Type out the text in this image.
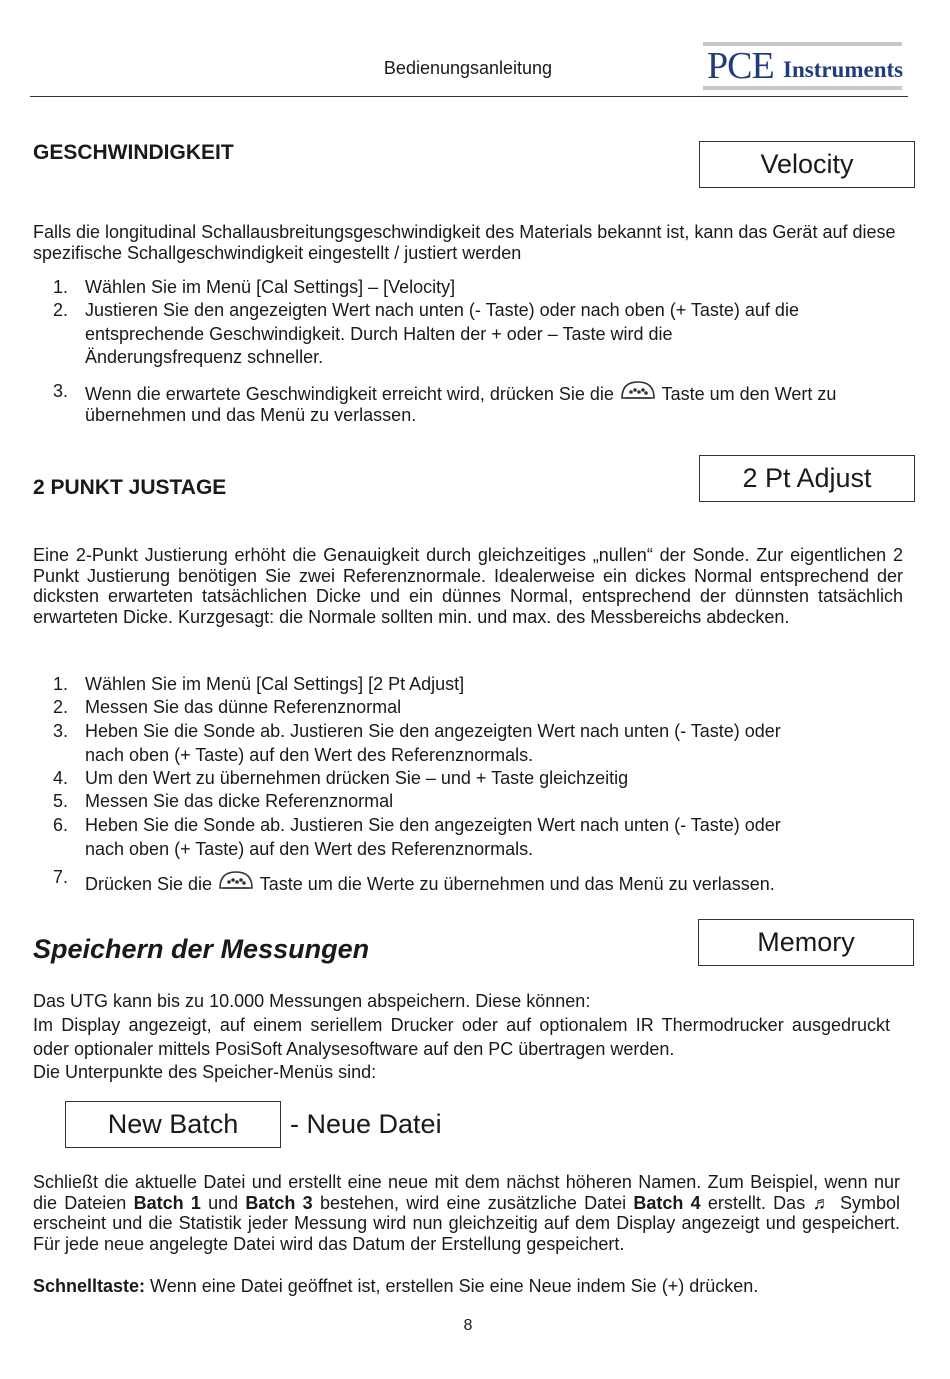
Bedienungsanleitung	PCE Instruments
GESCHWINDIGKEIT	Velocity

Falls die longitudinal Schallausbreitungsgeschwindigkeit des Materials bekannt ist, kann das Gerät auf diese spezifische Schallgeschwindigkeit eingestellt / justiert werden

1. Wählen Sie im Menü [Cal Settings] – [Velocity]
2. Justieren Sie den angezeigten Wert nach unten (- Taste) oder nach oben (+ Taste) auf die
entsprechende Geschwindigkeit. Durch Halten der + oder – Taste wird die
Änderungsfrequenz schneller.
3. Wenn die erwartete Geschwindigkeit erreicht wird, drücken Sie die	Taste um den Wert zu
übernehmen und das Menü zu verlassen.
2 PUNKT JUSTAGE	2 Pt Adjust

Eine 2-Punkt Justierung erhöht die Genauigkeit durch gleichzeitiges „nullen“ der Sonde. Zur eigentlichen 2 Punkt Justierung benötigen Sie zwei Referenznormale. Idealerweise ein dickes Normal entsprechend der dicksten erwarteten tatsächlichen Dicke und ein dünnes Normal, entsprechend der dünnsten tatsächlich erwarteten Dicke. Kurzgesagt: die Normale sollten min. und max. des Messbereichs abdecken.

1. Wählen Sie im Menü [Cal Settings] [2 Pt Adjust]
2. Messen Sie das dünne Referenznormal
3. Heben Sie die Sonde ab. Justieren Sie den angezeigten Wert nach unten (- Taste) oder
nach oben (+ Taste) auf den Wert des Referenznormals.
4. Um den Wert zu übernehmen drücken Sie – und + Taste gleichzeitig
5. Messen Sie das dicke Referenznormal
6. Heben Sie die Sonde ab. Justieren Sie den angezeigten Wert nach unten (- Taste) oder
nach oben (+ Taste) auf den Wert des Referenznormals.
7. Drücken Sie die	Taste um die Werte zu übernehmen und das Menü zu verlassen.
Speichern der Messungen	Memory
Das UTG kann bis zu 10.000 Messungen abspeichern. Diese können:

Im Display angezeigt, auf einem seriellem Drucker oder auf optionalem IR Thermodrucker ausgedruckt oder optionaler mittels PosiSoft Analysesoftware auf den PC übertragen werden.

Die Unterpunkte des Speicher-Menüs sind:
New Batch	- Neue Datei

Schließt die aktuelle Datei und erstellt eine neue mit dem nächst höheren Namen. Zum Beispiel, wenn nur die Dateien Batch 1 und Batch 3 bestehen, wird eine zusätzliche Datei Batch 4 erstellt. Das ♬ Symbol erscheint und die Statistik jeder Messung wird nun gleichzeitig auf dem Display angezeigt und gespeichert. Für jede neue angelegte Datei wird das Datum der Erstellung gespeichert.

Schnelltaste: Wenn eine Datei geöffnet ist, erstellen Sie eine Neue indem Sie (+) drücken.

8
